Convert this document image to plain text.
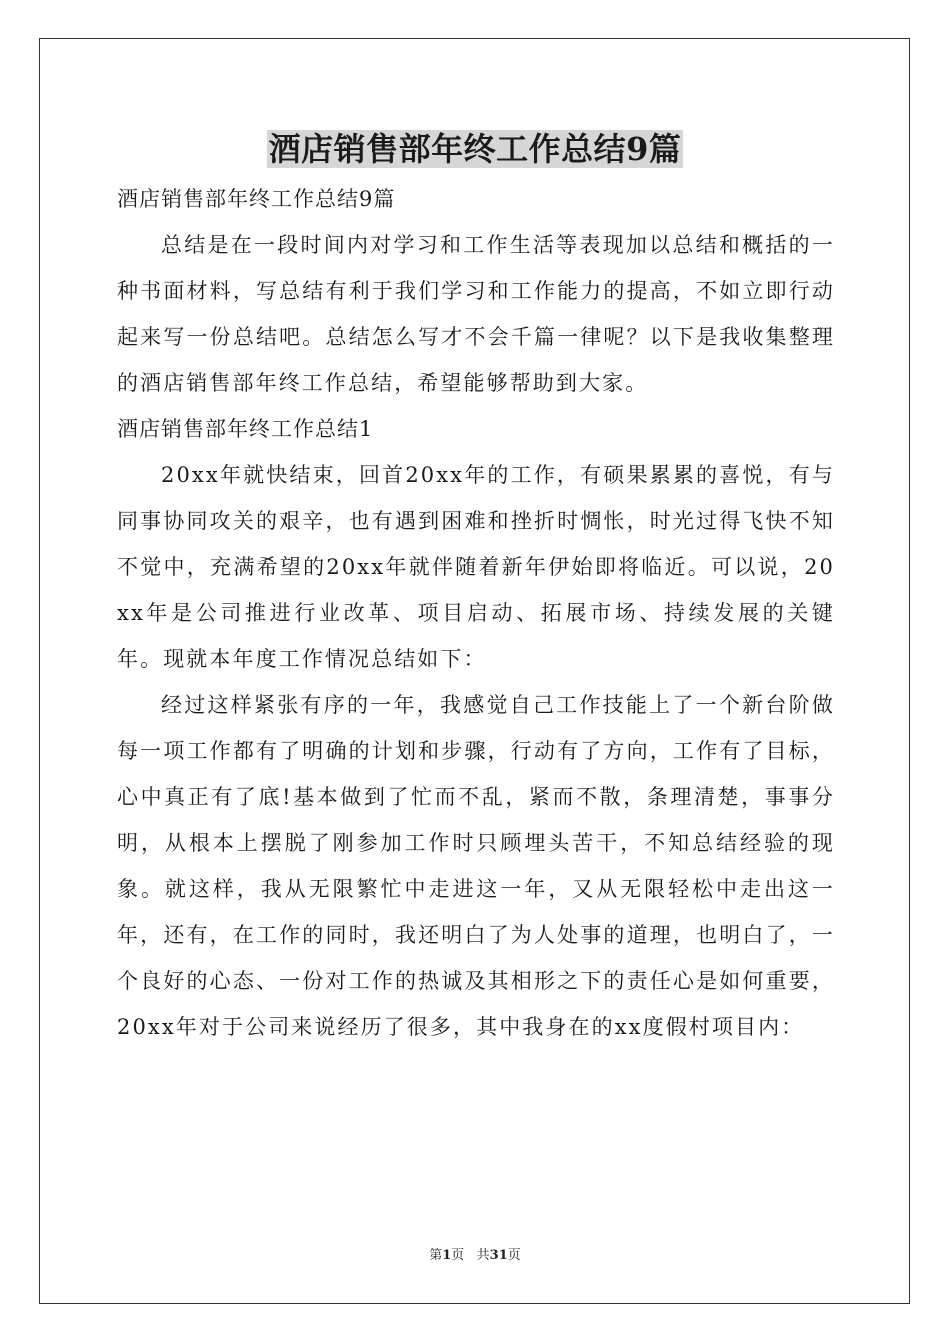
酒店销售部年终工作总结9篇

酒店销售部年终工作总结9篇

总结是在一段时间内对学习和工作生活等表现加以总结和概括的一种书面材料，写总结有利于我们学习和工作能力的提高，不如立即行动起来写一份总结吧。总结怎么写才不会千篇一律呢？以下是我收集整理的酒店销售部年终工作总结，希望能够帮助到大家。

酒店销售部年终工作总结1

20xx年就快结束，回首20xx年的工作，有硕果累累的喜悦，有与同事协同攻关的艰辛，也有遇到困难和挫折时惆怅，时光过得飞快不知不觉中，充满希望的20xx年就伴随着新年伊始即将临近。可以说，20xx年是公司推进行业改革、项目启动、拓展市场、持续发展的关键年。现就本年度工作情况总结如下：

经过这样紧张有序的一年，我感觉自己工作技能上了一个新台阶做每一项工作都有了明确的计划和步骤，行动有了方向，工作有了目标，心中真正有了底!基本做到了忙而不乱，紧而不散，条理清楚，事事分明，从根本上摆脱了刚参加工作时只顾埋头苦干，不知总结经验的现象。就这样，我从无限繁忙中走进这一年，又从无限轻松中走出这一年，还有，在工作的同时，我还明白了为人处事的道理，也明白了，一个良好的心态、一份对工作的热诚及其相形之下的责任心是如何重要，20xx年对于公司来说经历了很多，其中我身在的xx度假村项目内：

第1页   共31页
